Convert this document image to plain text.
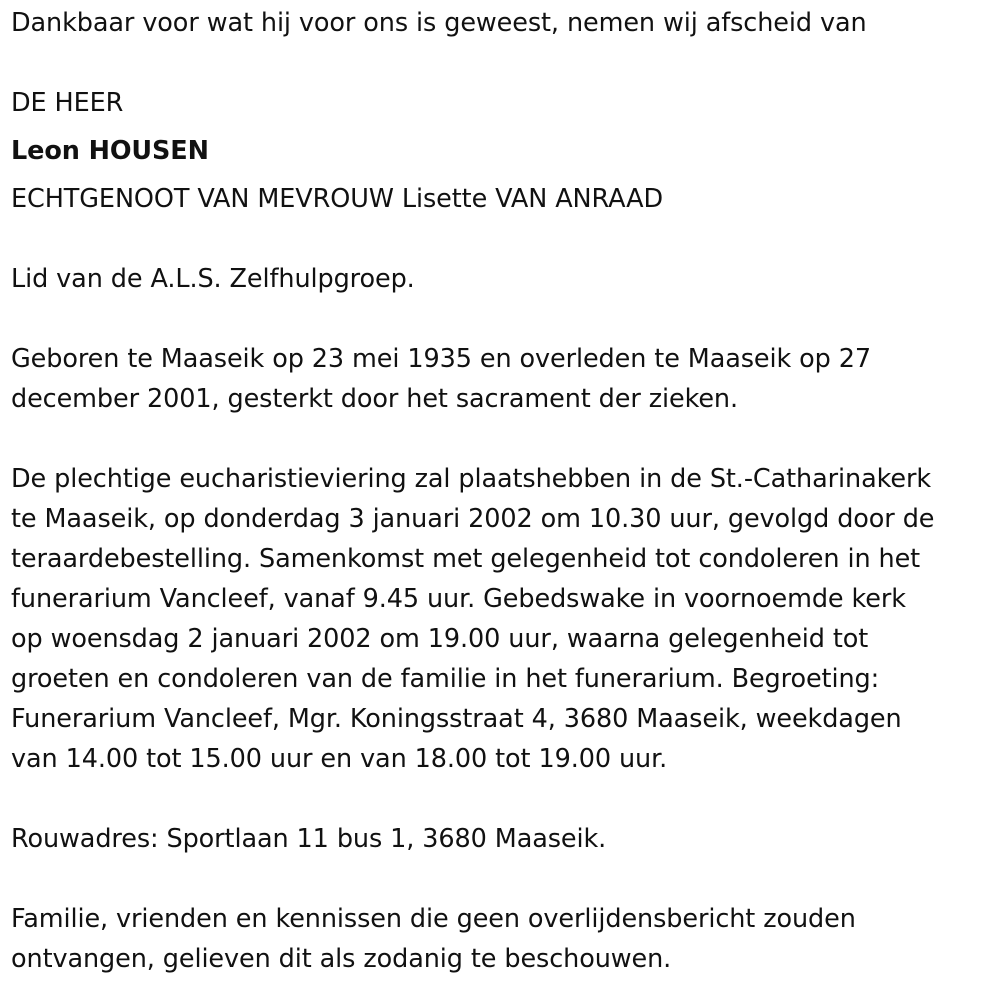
Dankbaar voor wat hij voor ons is geweest, nemen wij afscheid van
DE HEER
Leon HOUSEN
ECHTGENOOT VAN MEVROUW Lisette VAN ANRAAD
Lid van de A.L.S. Zelfhulpgroep.
Geboren te Maaseik op 23 mei 1935 en overleden te Maaseik op 27
december 2001, gesterkt door het sacrament der zieken.
De plechtige eucharistieviering zal plaatshebben in de St.-Catharinakerk
te Maaseik, op donderdag 3 januari 2002 om 10.30 uur, gevolgd door de
teraardebestelling. Samenkomst met gelegenheid tot condoleren in het
funerarium Vancleef, vanaf 9.45 uur. Gebedswake in voornoemde kerk
op woensdag 2 januari 2002 om 19.00 uur, waarna gelegenheid tot
groeten en condoleren van de familie in het funerarium. Begroeting:
Funerarium Vancleef, Mgr. Koningsstraat 4, 3680 Maaseik, weekdagen
van 14.00 tot 15.00 uur en van 18.00 tot 19.00 uur.
Rouwadres: Sportlaan 11 bus 1, 3680 Maaseik.
Familie, vrienden en kennissen die geen overlijdensbericht zouden
ontvangen, gelieven dit als zodanig te beschouwen.
